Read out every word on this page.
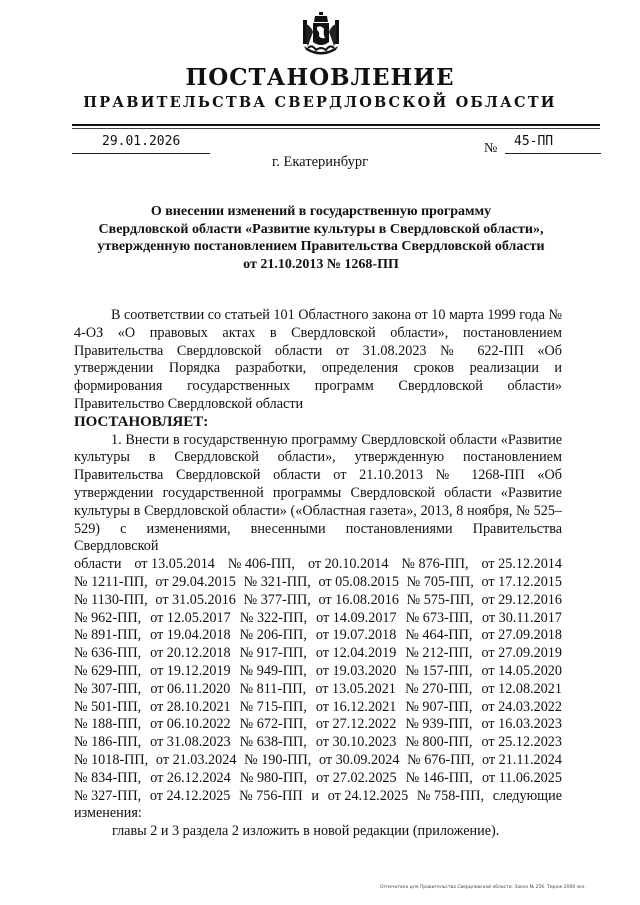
ПОСТАНОВЛЕНИЕ
ПРАВИТЕЛЬСТВА СВЕРДЛОВСКОЙ ОБЛАСТИ
29.01.2026	№ 45-ПП
г. Екатеринбург
О внесении изменений в государственную программу
Свердловской области «Развитие культуры в Свердловской области»,
утвержденную постановлением Правительства Свердловской области
от 21.10.2013 № 1268-ПП

В соответствии со статьей 101 Областного закона от 10 марта 1999 года № 4-ОЗ «О правовых актах в Свердловской области», постановлением Правительства Свердловской области от 31.08.2023 № 622-ПП «Об утверждении Порядка разработки, определения сроков реализации и формирования государственных программ Свердловской области» Правительство Свердловской области

ПОСТАНОВЛЯЕТ:

1. Внести в государственную программу Свердловской области «Развитие культуры в Свердловской области», утвержденную постановлением Правительства Свердловской области от 21.10.2013 № 1268-ПП «Об утверждении государственной программы Свердловской области «Развитие культуры в Свердловской области» («Областная газета», 2013, 8 ноября, № 525–529) с изменениями, внесенными постановлениями Правительства Свердловской

области от 13.05.2014 № 406-ПП, от 20.10.2014 № 876-ПП, от 25.12.2014
№ 1211-ПП, от 29.04.2015 № 321-ПП, от 05.08.2015 № 705-ПП, от 17.12.2015
№ 1130-ПП, от 31.05.2016 № 377-ПП, от 16.08.2016 № 575-ПП, от 29.12.2016
№ 962-ПП, от 12.05.2017 № 322-ПП, от 14.09.2017 № 673-ПП, от 30.11.2017
№ 891-ПП, от 19.04.2018 № 206-ПП, от 19.07.2018 № 464-ПП, от 27.09.2018
№ 636-ПП, от 20.12.2018 № 917-ПП, от 12.04.2019 № 212-ПП, от 27.09.2019
№ 629-ПП, от 19.12.2019 № 949-ПП, от 19.03.2020 № 157-ПП, от 14.05.2020
№ 307-ПП, от 06.11.2020 № 811-ПП, от 13.05.2021 № 270-ПП, от 12.08.2021
№ 501-ПП, от 28.10.2021 № 715-ПП, от 16.12.2021 № 907-ПП, от 24.03.2022
№ 188-ПП, от 06.10.2022 № 672-ПП, от 27.12.2022 № 939-ПП, от 16.03.2023
№ 186-ПП, от 31.08.2023 № 638-ПП, от 30.10.2023 № 800-ПП, от 25.12.2023
№ 1018-ПП, от 21.03.2024 № 190-ПП, от 30.09.2024 № 676-ПП, от 21.11.2024
№ 834-ПП, от 26.12.2024 № 980-ПП, от 27.02.2025 № 146-ПП, от 11.06.2025
№ 327-ПП, от 24.12.2025 № 756-ПП и от 24.12.2025 № 758-ПП, следующие
изменения:

главы 2 и 3 раздела 2 изложить в новой редакции (приложение).

Отпечатано для Правительства Свердловской области. Заказ № 256. Тираж 2000 экз.
